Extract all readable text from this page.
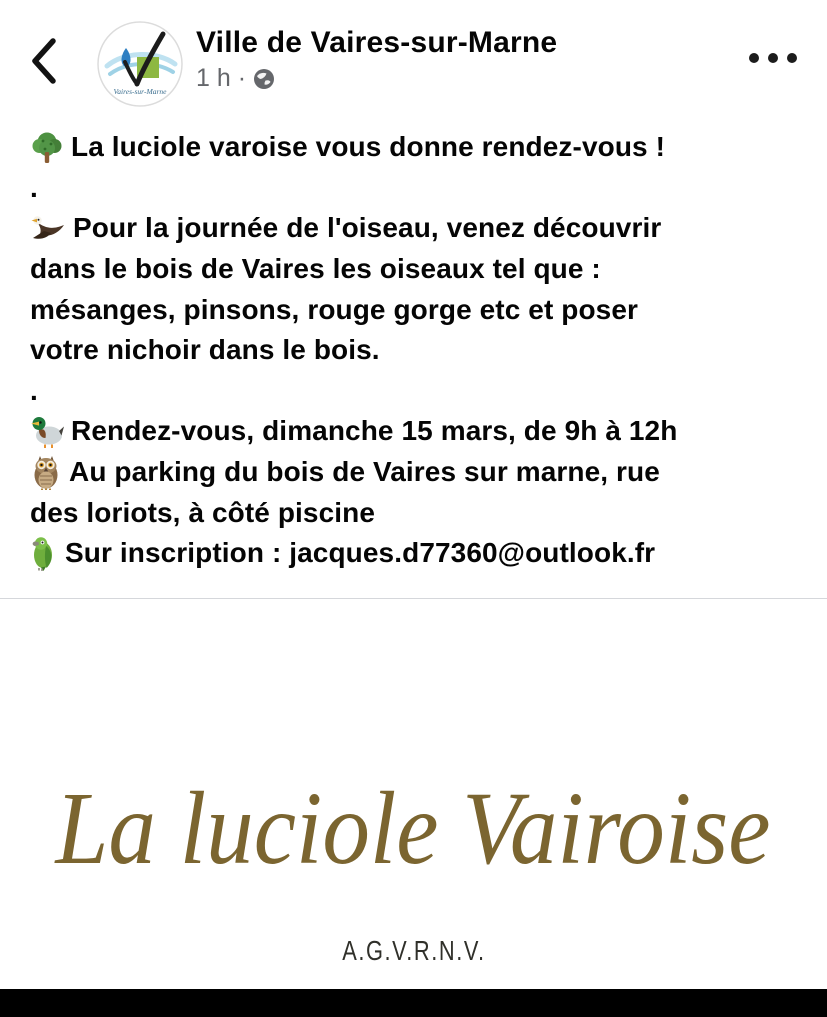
Vaires-sur-Marne
Ville de Vaires-sur-Marne
1 h ·

La luciole varoise vous donne rendez-vous !

.

Pour la journée de l'oiseau, venez découvrir

dans le bois de Vaires les oiseaux tel que :

mésanges, pinsons, rouge gorge etc et poser

votre nichoir dans le bois.

.

Rendez-vous, dimanche 15 mars, de 9h à 12h

Au parking du bois de Vaires sur marne, rue

des loriots, à côté piscine

Sur inscription : jacques.d77360@outlook.fr

La luciole Vairoise
A.G.V.R.N.V.
